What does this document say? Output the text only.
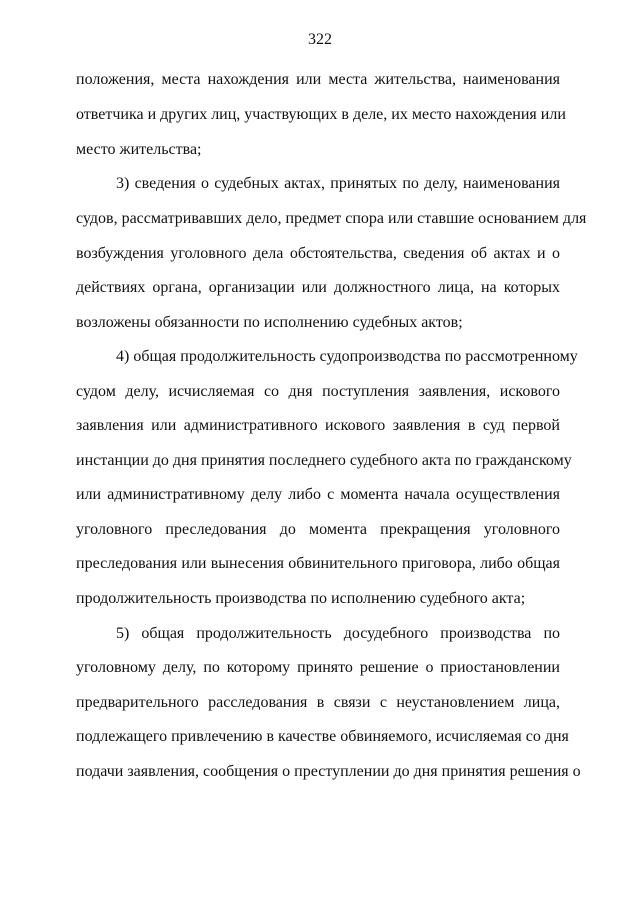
322
положения, места нахождения или места жительства, наименования
ответчика и других лиц, участвующих в деле, их место нахождения или
место жительства;
3) сведения о судебных актах, принятых по делу, наименования
судов, рассматривавших дело, предмет спора или ставшие основанием для
возбуждения уголовного дела обстоятельства, сведения об актах и о
действиях органа, организации или должностного лица, на которых
возложены обязанности по исполнению судебных актов;
4) общая продолжительность судопроизводства по рассмотренному
судом делу, исчисляемая со дня поступления заявления, искового
заявления или административного искового заявления в суд первой
инстанции до дня принятия последнего судебного акта по гражданскому
или административному делу либо с момента начала осуществления
уголовного преследования до момента прекращения уголовного
преследования или вынесения обвинительного приговора, либо общая
продолжительность производства по исполнению судебного акта;
5) общая продолжительность досудебного производства по
уголовному делу, по которому принято решение о приостановлении
предварительного расследования в связи с неустановлением лица,
подлежащего привлечению в качестве обвиняемого, исчисляемая со дня
подачи заявления, сообщения о преступлении до дня принятия решения о
